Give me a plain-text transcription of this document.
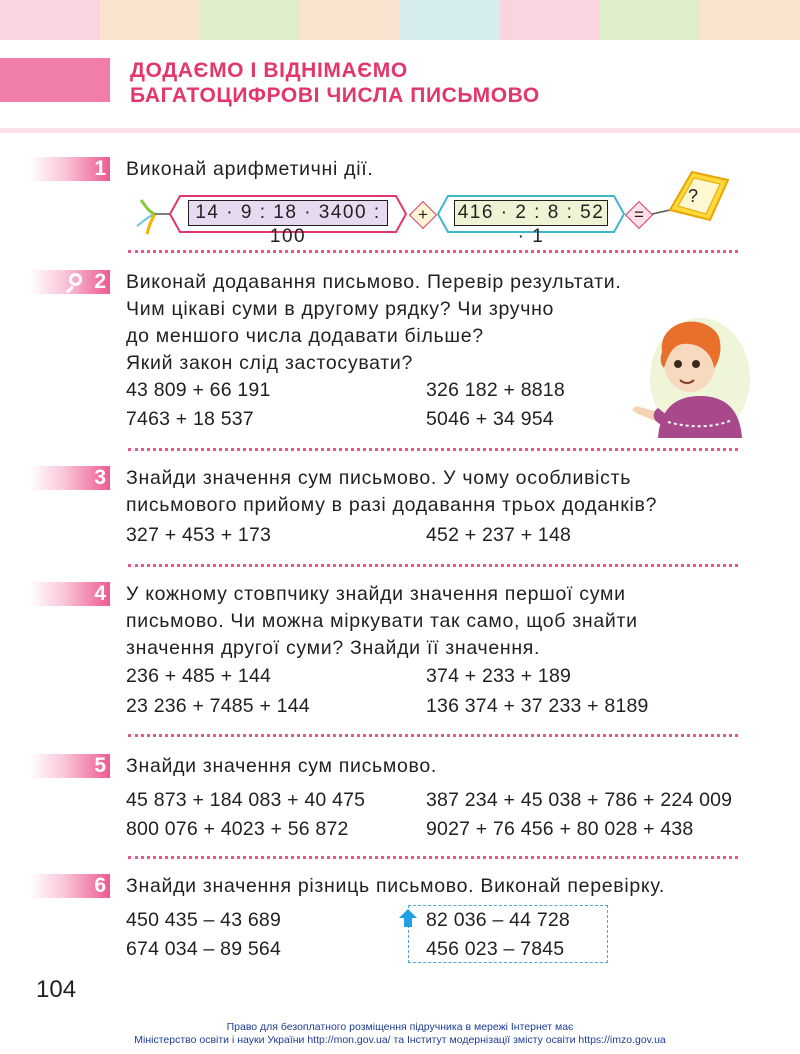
ДОДАЄМО І ВІДНІМАЄМО
БАГАТОЦИФРОВІ ЧИСЛА ПИСЬМОВО
1 Виконай арифметичні дії.
14 · 9 : 18 · 3400 : 100
+	416 · 2 : 8 : 52 · 1
=
?
2 Виконай додавання письмово. Перевір результати.
Чим цікаві суми в другому рядку? Чи зручно
до меншого числа додавати більше?
Який закон слід застосувати?
43 809 + 66 191	326 182 + 8818
7463 + 18 537	5046 + 34 954
3 Знайди значення сум письмово. У чому особливість
письмового прийому в разі додавання трьох доданків?
327 + 453 + 173	452 + 237 + 148
4 У кожному стовпчику знайди значення першої суми
письмово. Чи можна міркувати так само, щоб знайти
значення другої суми? Знайди її значення.
236 + 485 + 144	374 + 233 + 189
23 236 + 7485 + 144	136 374 + 37 233 + 8189
5 Знайди значення сум письмово.
45 873 + 184 083 + 40 475	387 234 + 45 038 + 786 + 224 009
800 076 + 4023 + 56 872	9027 + 76 456 + 80 028 + 438
6 Знайди значення різниць письмово. Виконай перевірку.
450 435 – 43 689	82 036 – 44 728
674 034 – 89 564	456 023 – 7845
104
Право для безоплатного розміщення підручника в мережі Інтернет має
Міністерство освіти і науки України http://mon.gov.ua/ та Інститут модернізації змісту освіти https://imzo.gov.ua
